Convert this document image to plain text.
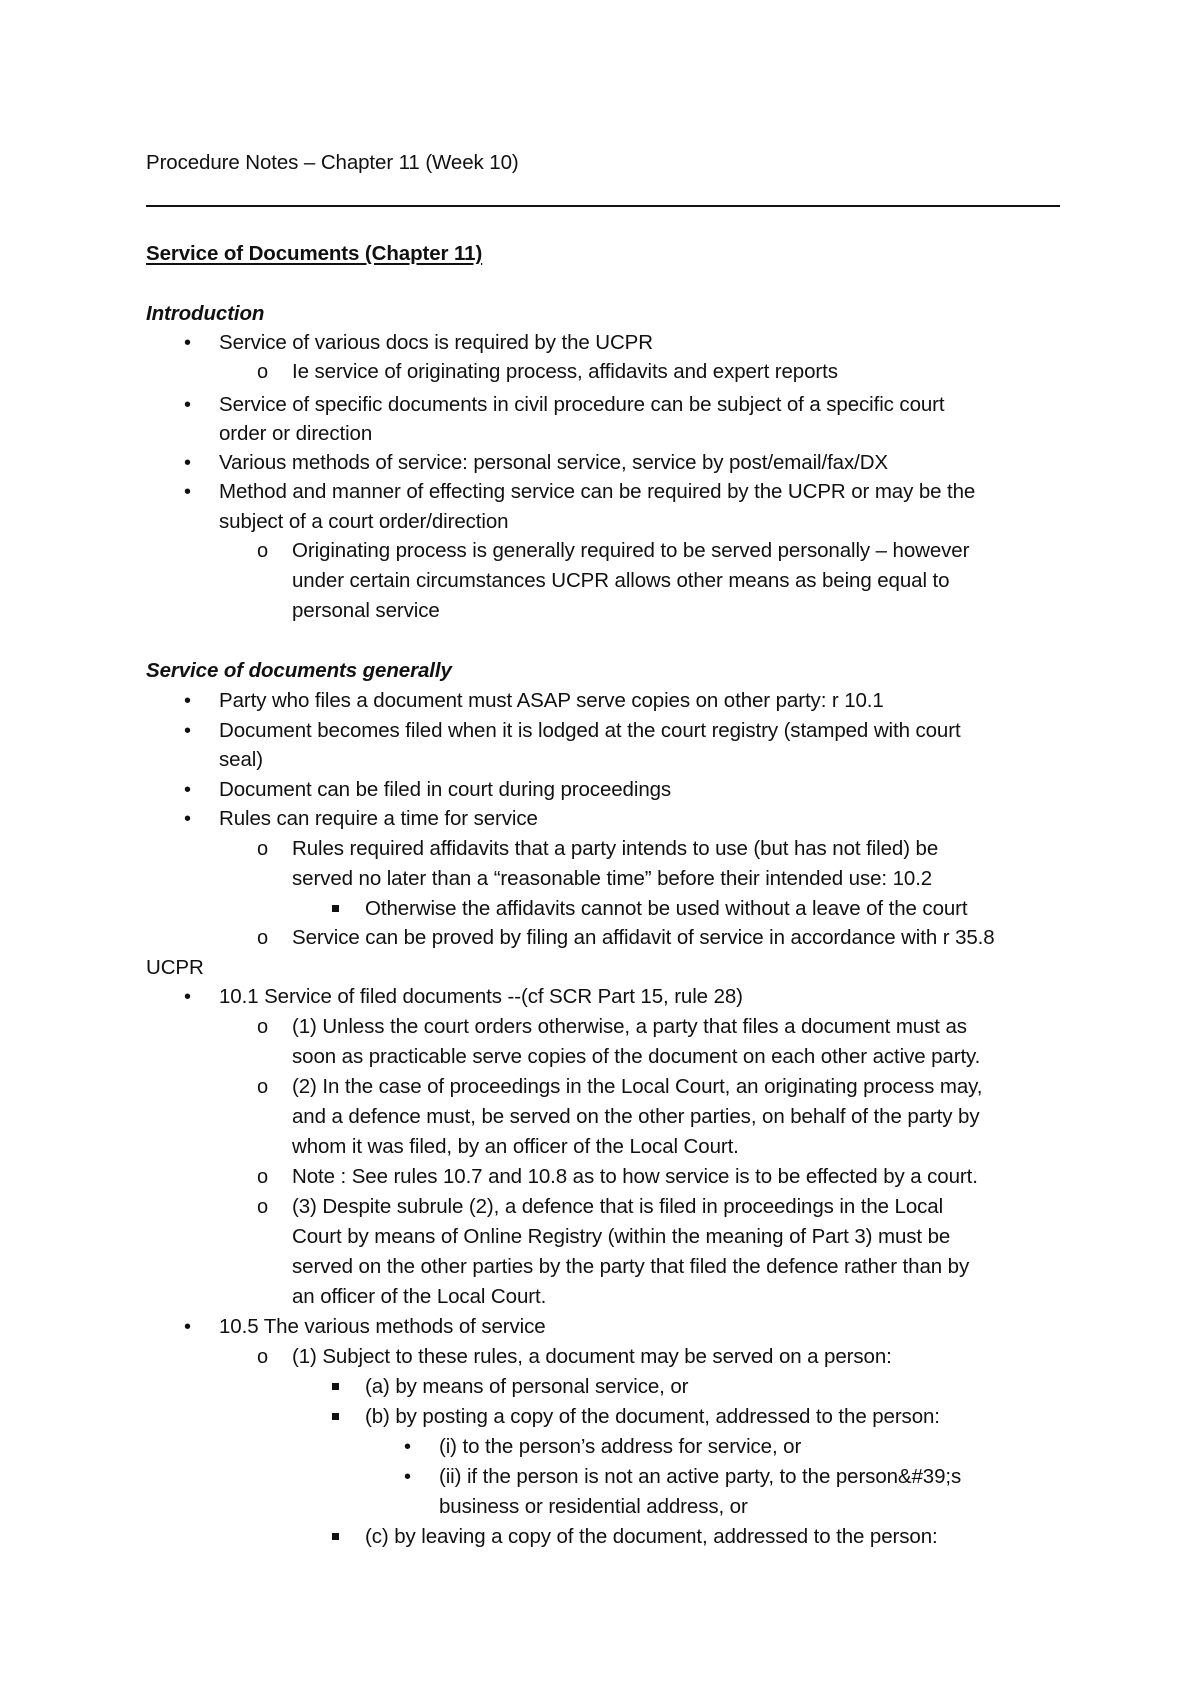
Procedure Notes – Chapter 11 (Week 10)
Service of Documents (Chapter 11)
Introduction
• Service of various docs is required by the UCPR
o Ie service of originating process, affidavits and expert reports
• Service of specific documents in civil procedure can be subject of a specific court
order or direction
• Various methods of service: personal service, service by post/email/fax/DX
• Method and manner of effecting service can be required by the UCPR or may be the
subject of a court order/direction
o Originating process is generally required to be served personally – however
under certain circumstances UCPR allows other means as being equal to
personal service
Service of documents generally
• Party who files a document must ASAP serve copies on other party: r 10.1
• Document becomes filed when it is lodged at the court registry (stamped with court
seal)
• Document can be filed in court during proceedings
• Rules can require a time for service
o Rules required affidavits that a party intends to use (but has not filed) be
served no later than a “reasonable time” before their intended use: 10.2
Otherwise the affidavits cannot be used without a leave of the court
o Service can be proved by filing an affidavit of service in accordance with r 35.8
UCPR
• 10.1 Service of filed documents --(cf SCR Part 15, rule 28)
o (1) Unless the court orders otherwise, a party that files a document must as
soon as practicable serve copies of the document on each other active party.
o (2) In the case of proceedings in the Local Court, an originating process may,
and a defence must, be served on the other parties, on behalf of the party by
whom it was filed, by an officer of the Local Court.
o Note : See rules 10.7 and 10.8 as to how service is to be effected by a court.
o (3) Despite subrule (2), a defence that is filed in proceedings in the Local
Court by means of Online Registry (within the meaning of Part 3) must be
served on the other parties by the party that filed the defence rather than by
an officer of the Local Court.
• 10.5 The various methods of service
o (1) Subject to these rules, a document may be served on a person:
(a) by means of personal service, or
(b) by posting a copy of the document, addressed to the person:
• (i) to the person’s address for service, or
• (ii) if the person is not an active party, to the person&#39;s
business or residential address, or
(c) by leaving a copy of the document, addressed to the person:
